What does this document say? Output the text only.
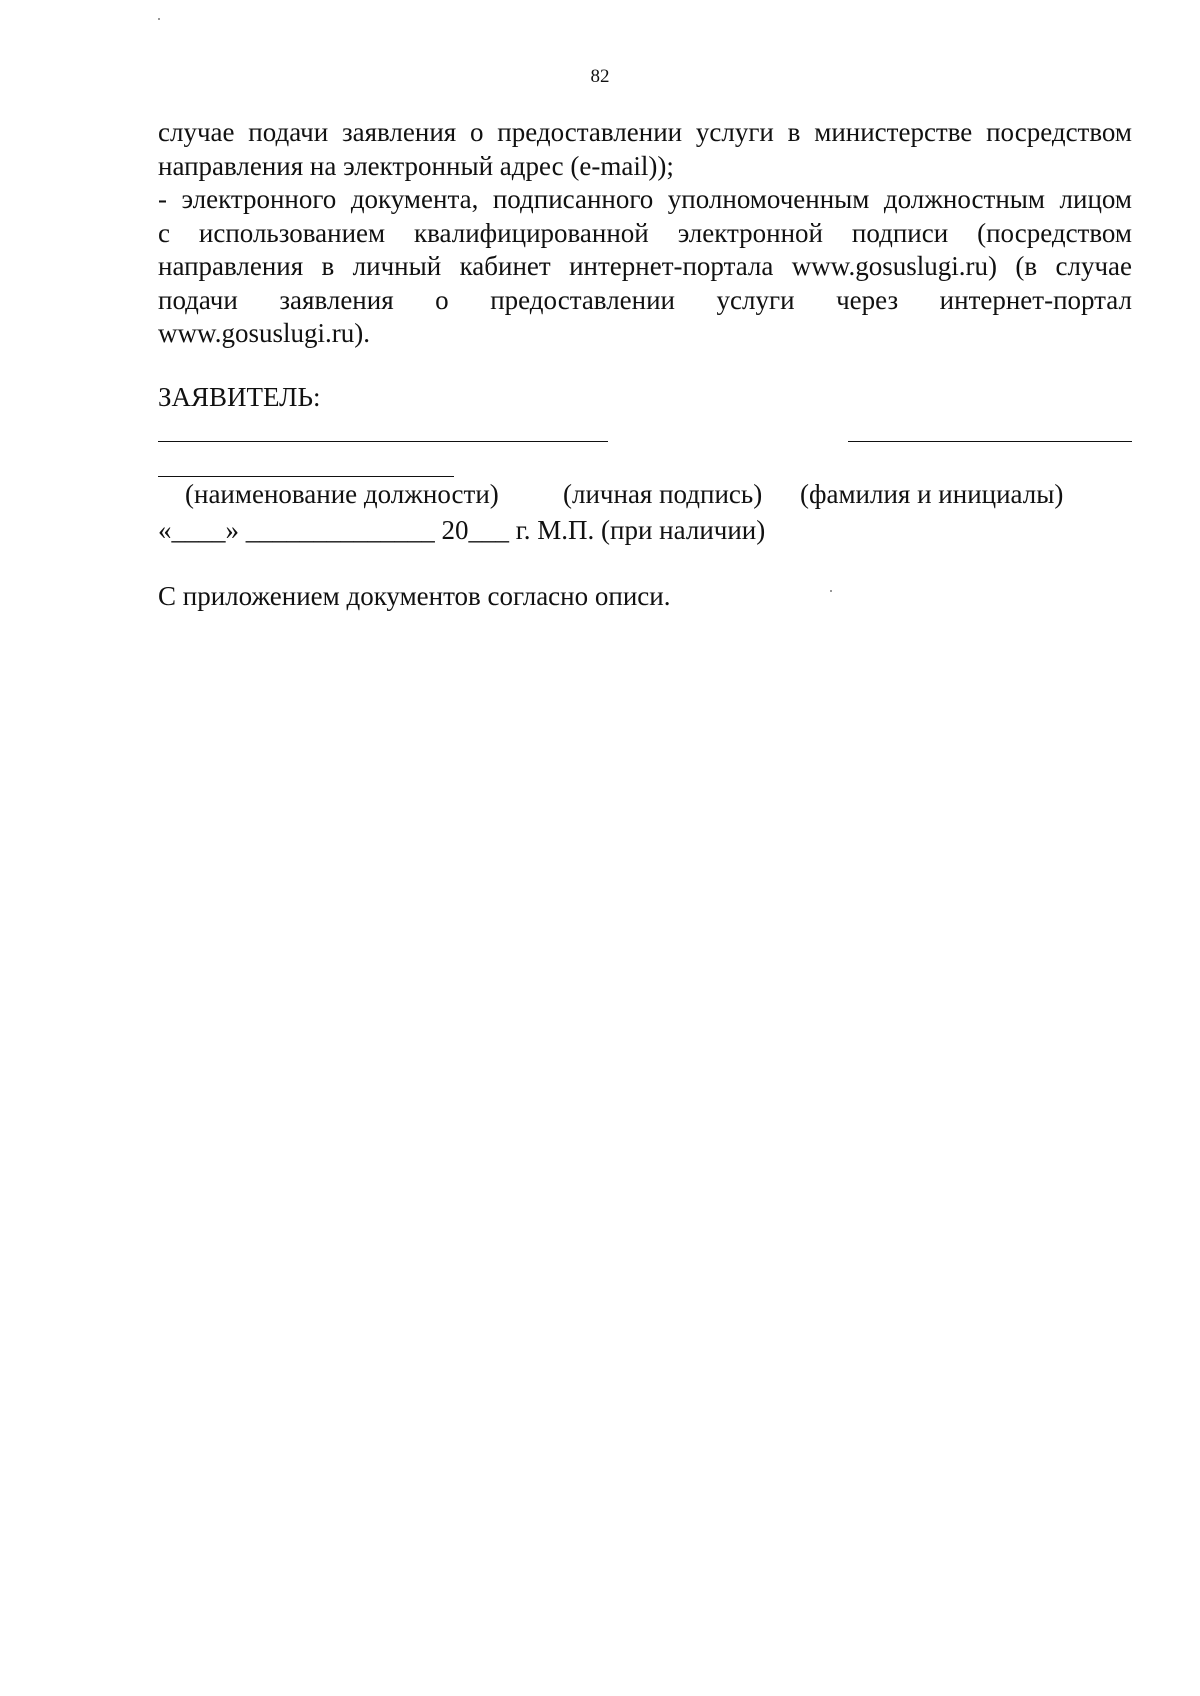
82
случае подачи заявления о предоставлении услуги в министерстве посредством
направления на электронный адрес (e-mail));
- электронного документа, подписанного уполномоченным должностным лицом
с использованием квалифицированной электронной подписи (посредством
направления в личный кабинет интернет-портала www.gosuslugi.ru) (в случае
подачи заявления о предоставлении услуги через интернет-портал
www.gosuslugi.ru).
ЗАЯВИТЕЛЬ:
(наименование должности) (личная подпись) (фамилия и инициалы)
«____» ______________ 20___ г. М.П. (при наличии)
С приложением документов согласно описи.
